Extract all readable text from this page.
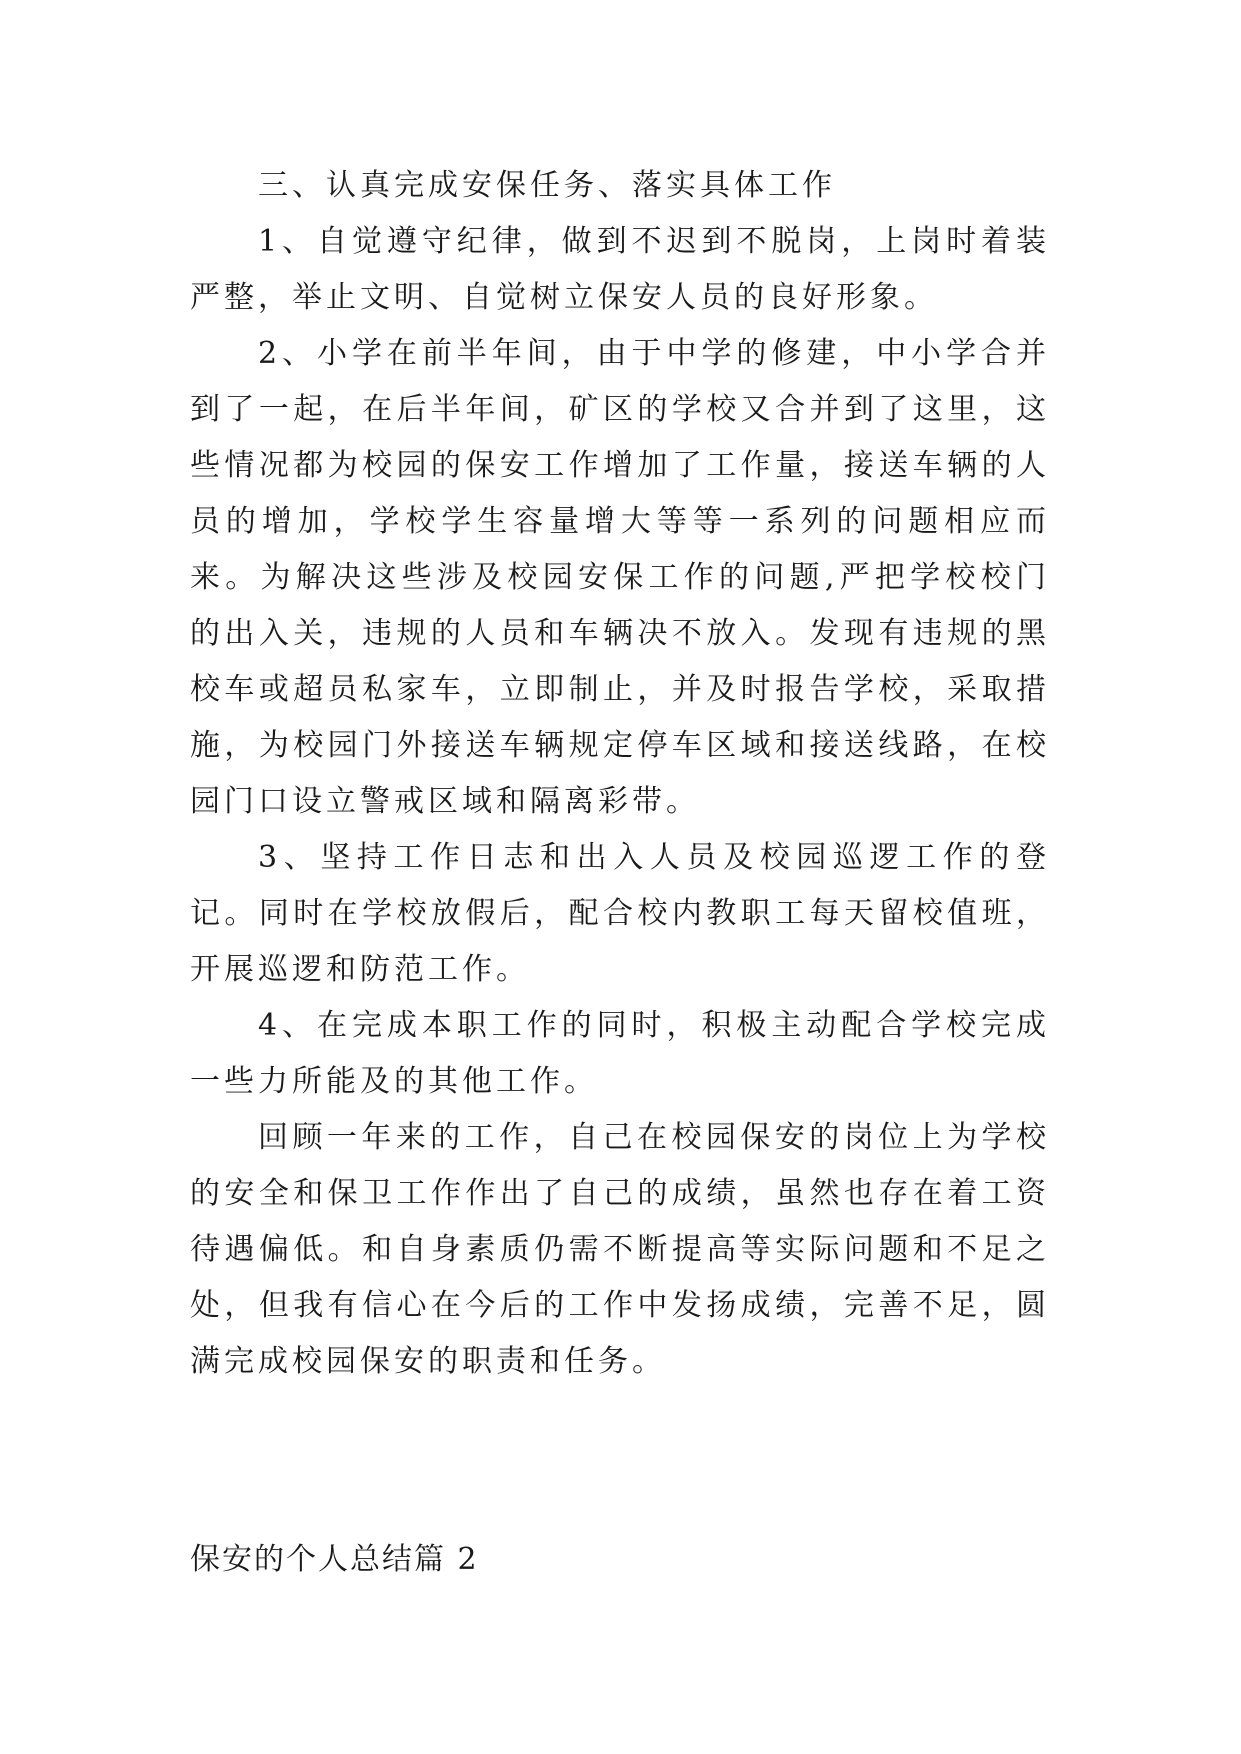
三、认真完成安保任务、落实具体工作

1、自觉遵守纪律，做到不迟到不脱岗，上岗时着装严整，举止文明、自觉树立保安人员的良好形象。

2、小学在前半年间，由于中学的修建，中小学合并到了一起，在后半年间，矿区的学校又合并到了这里，这些情况都为校园的保安工作增加了工作量，接送车辆的人员的增加，学校学生容量增大等等一系列的问题相应而来。为解决这些涉及校园安保工作的问题,严把学校校门的出入关，违规的人员和车辆决不放入。发现有违规的黑校车或超员私家车，立即制止，并及时报告学校，采取措施，为校园门外接送车辆规定停车区域和接送线路，在校园门口设立警戒区域和隔离彩带。

3、坚持工作日志和出入人员及校园巡逻工作的登记。同时在学校放假后，配合校内教职工每天留校值班，开展巡逻和防范工作。

4、在完成本职工作的同时，积极主动配合学校完成一些力所能及的其他工作。

回顾一年来的工作，自己在校园保安的岗位上为学校的安全和保卫工作作出了自己的成绩，虽然也存在着工资待遇偏低。和自身素质仍需不断提高等实际问题和不足之处，但我有信心在今后的工作中发扬成绩，完善不足，圆满完成校园保安的职责和任务。

保安的个人总结篇 2
